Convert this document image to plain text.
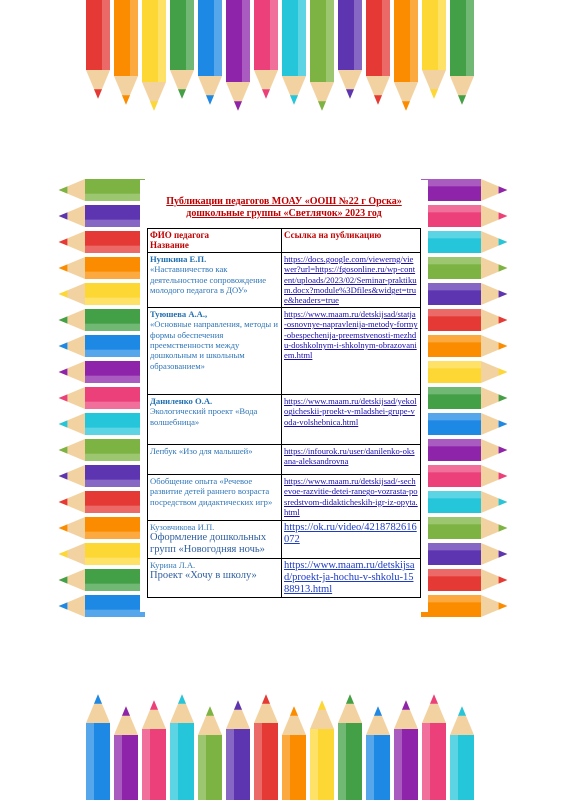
Публикации педагогов МОАУ «ООШ №22 г Орска»
дошкольные группы «Светлячок» 2023 год
ФИО педагога
Название	Ссылка на публикацию

Нушкина Е.П.
«Наставничество как деятельностное сопровождение молодого педагога в ДОУ»	https://docs.google.com/viewerng/viewer?url=https://fgosonline.ru/wp-content/uploads/2023/02/Seminar-praktikum.docx?module%3Dfiles&widget=true&headers=true

Туюшева А.А.,
«Основные направления, методы и формы обеспечения преемственности между дошкольным и школьным образованием»	https://www.maam.ru/detskijsad/statja-osnovnye-napravlenija-metody-formy-obespechenija-preemstvenosti-mezhdu-doshkolnym-i-shkolnym-obrazovaniem.html

Даниленко О.А.
Экологический проект «Вода волшебница»	https://www.maam.ru/detskijsad/yekologicheskii-proekt-v-mladshei-grupe-voda-volshebnica.html

Лепбук «Изо для малышей»	https://infourok.ru/user/danilenko-oksana-aleksandrovna

Обобщение опыта «Речевое развитие детей раннего возраста посредством дидактических игр»	https://www.maam.ru/detskijsad/-sechevoe-razvitie-detei-ranego-vozrasta-posredstvom-didakticheskih-igr-iz-opyta.html

Кузовчикова И.П.
Оформление дошкольных групп «Новогодняя ночь»	https://ok.ru/video/4218782616072

Курина Л.А.
Проект «Хочу в школу»	https://www.maam.ru/detskijsad/proekt-ja-hochu-v-shkolu-1588913.html
